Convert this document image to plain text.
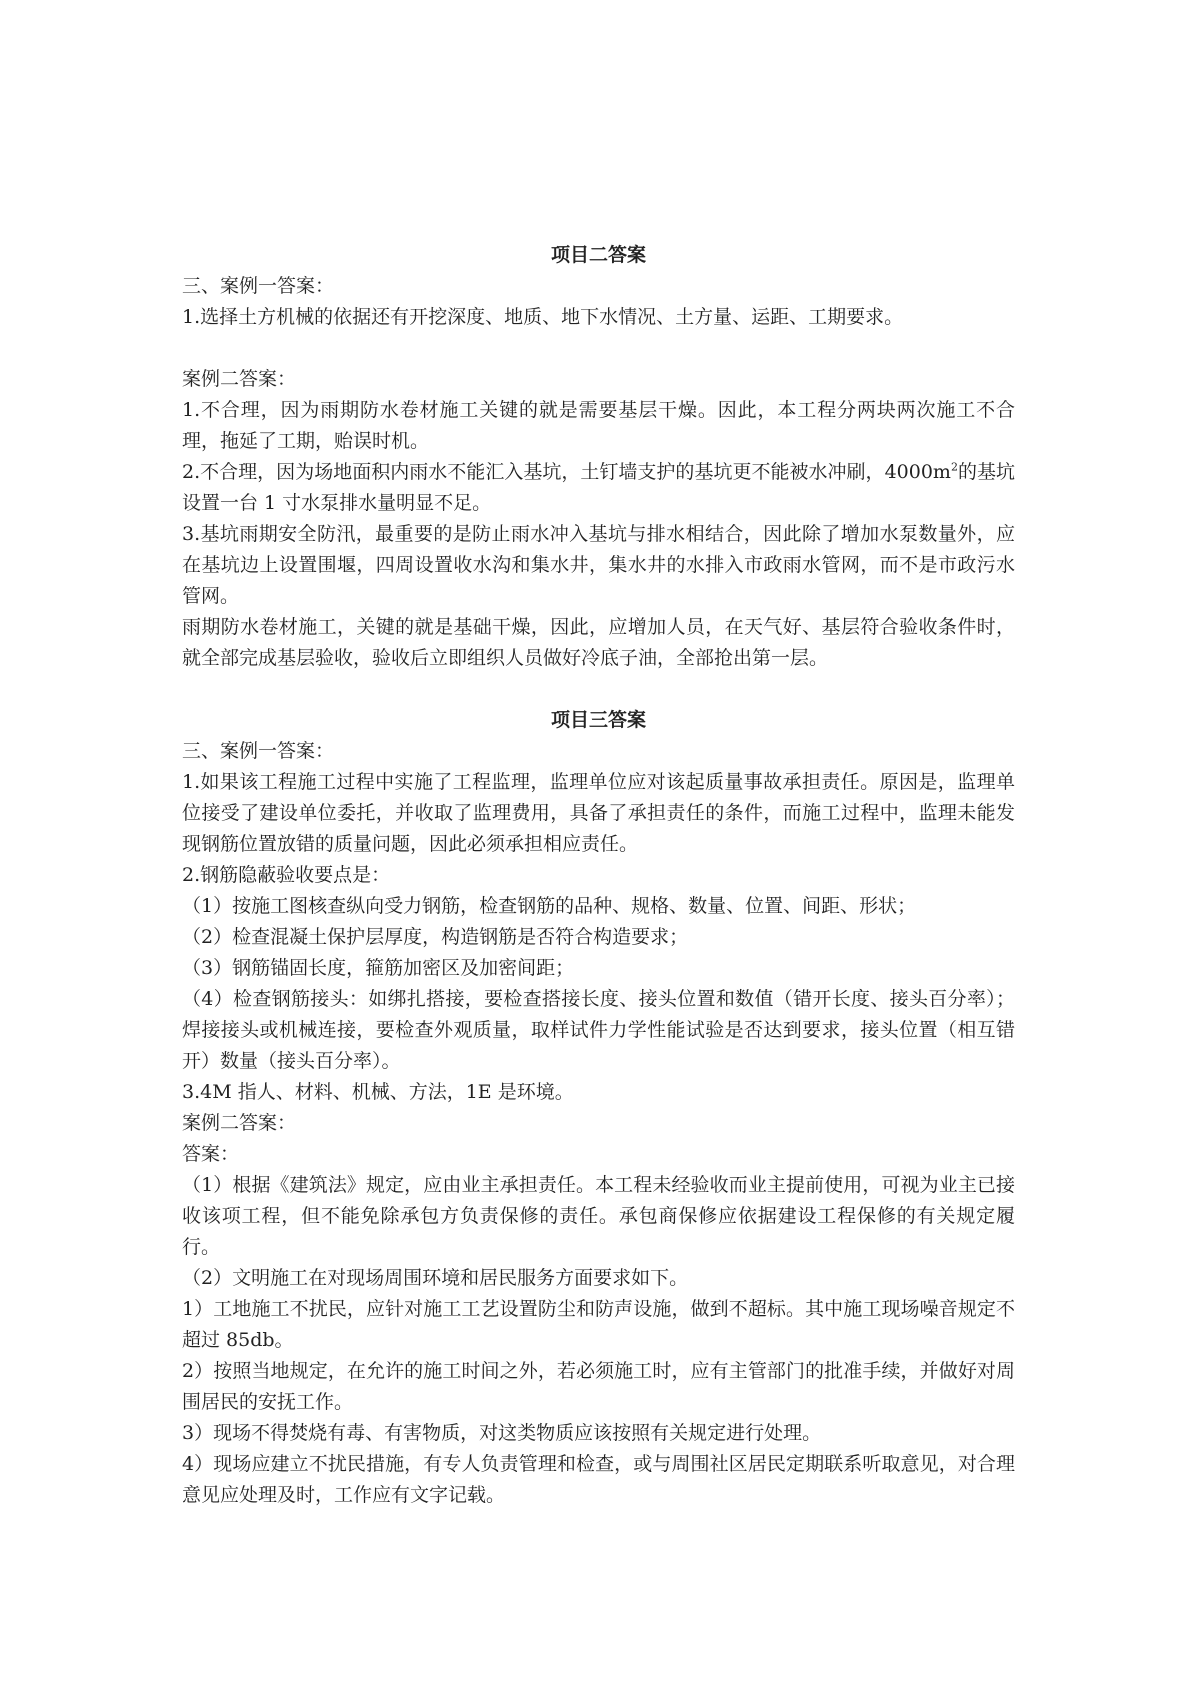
项目二答案

三、案例一答案：

1.选择土方机械的依据还有开挖深度、地质、地下水情况、土方量、运距、工期要求。

案例二答案：

1.不合理，因为雨期防水卷材施工关键的就是需要基层干燥。因此，本工程分两块两次施工不合理，拖延了工期，贻误时机。

2.不合理，因为场地面积内雨水不能汇入基坑，土钉墙支护的基坑更不能被水冲刷，$4000m^2$的基坑设置一台 1 寸水泵排水量明显不足。

3.基坑雨期安全防汛，最重要的是防止雨水冲入基坑与排水相结合，因此除了增加水泵数量外，应在基坑边上设置围堰，四周设置收水沟和集水井，集水井的水排入市政雨水管网，而不是市政污水管网。

雨期防水卷材施工，关键的就是基础干燥，因此，应增加人员，在天气好、基层符合验收条件时，就全部完成基层验收，验收后立即组织人员做好冷底子油，全部抢出第一层。

项目三答案

三、案例一答案：

1.如果该工程施工过程中实施了工程监理，监理单位应对该起质量事故承担责任。原因是，监理单位接受了建设单位委托，并收取了监理费用，具备了承担责任的条件，而施工过程中，监理未能发现钢筋位置放错的质量问题，因此必须承担相应责任。

2.钢筋隐蔽验收要点是：

（1）按施工图核查纵向受力钢筋，检查钢筋的品种、规格、数量、位置、间距、形状；

（2）检查混凝土保护层厚度，构造钢筋是否符合构造要求；

（3）钢筋锚固长度，箍筋加密区及加密间距；

（4）检查钢筋接头：如绑扎搭接，要检查搭接长度、接头位置和数值（错开长度、接头百分率）；焊接接头或机械连接，要检查外观质量，取样试件力学性能试验是否达到要求，接头位置（相互错开）数量（接头百分率）。

3.4M 指人、材料、机械、方法，1E 是环境。

案例二答案：

答案：

（1）根据《建筑法》规定，应由业主承担责任。本工程未经验收而业主提前使用，可视为业主已接收该项工程，但不能免除承包方负责保修的责任。承包商保修应依据建设工程保修的有关规定履行。

（2）文明施工在对现场周围环境和居民服务方面要求如下。

1）工地施工不扰民，应针对施工工艺设置防尘和防声设施，做到不超标。其中施工现场噪音规定不超过 85db。

2）按照当地规定，在允许的施工时间之外，若必须施工时，应有主管部门的批准手续，并做好对周围居民的安抚工作。

3）现场不得焚烧有毒、有害物质，对这类物质应该按照有关规定进行处理。

4）现场应建立不扰民措施，有专人负责管理和检查，或与周围社区居民定期联系听取意见，对合理意见应处理及时，工作应有文字记载。
